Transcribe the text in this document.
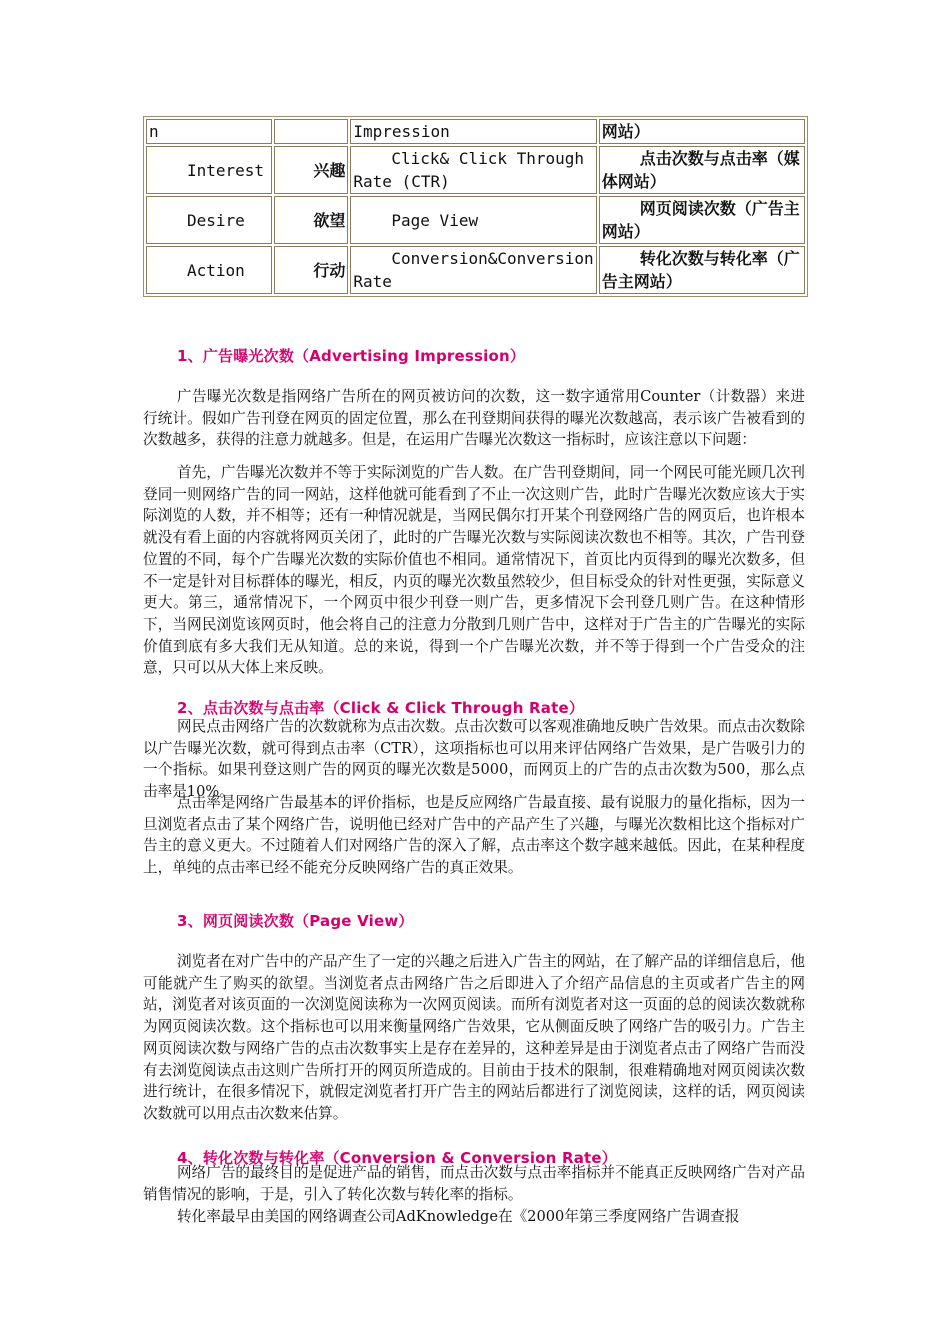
n		Impression	网站）
Interest	兴趣	Click& Click Through Rate (CTR)	点击次数与点击率（媒体网站）
Desire	欲望	Page View	网页阅读次数（广告主网站）
Action	行动	Conversion&Conversion Rate	转化次数与转化率（广告主网站）
1、广告曝光次数（Advertising Impression）

广告曝光次数是指网络广告所在的网页被访问的次数，这一数字通常用Counter（计数器）来进行统计。假如广告刊登在网页的固定位置，那么在刊登期间获得的曝光次数越高，表示该广告被看到的次数越多，获得的注意力就越多。但是，在运用广告曝光次数这一指标时，应该注意以下问题：

首先，广告曝光次数并不等于实际浏览的广告人数。在广告刊登期间，同一个网民可能光顾几次刊登同一则网络广告的同一网站，这样他就可能看到了不止一次这则广告，此时广告曝光次数应该大于实际浏览的人数，并不相等；还有一种情况就是，当网民偶尔打开某个刊登网络广告的网页后，也许根本就没有看上面的内容就将网页关闭了，此时的广告曝光次数与实际阅读次数也不相等。其次，广告刊登位置的不同，每个广告曝光次数的实际价值也不相同。通常情况下，首页比内页得到的曝光次数多，但不一定是针对目标群体的曝光，相反，内页的曝光次数虽然较少，但目标受众的针对性更强，实际意义更大。第三，通常情况下，一个网页中很少刊登一则广告，更多情况下会刊登几则广告。在这种情形下，当网民浏览该网页时，他会将自己的注意力分散到几则广告中，这样对于广告主的广告曝光的实际价值到底有多大我们无从知道。总的来说，得到一个广告曝光次数，并不等于得到一个广告受众的注意，只可以从大体上来反映。

2、点击次数与点击率（Click & Click Through Rate）

网民点击网络广告的次数就称为点击次数。点击次数可以客观准确地反映广告效果。而点击次数除以广告曝光次数，就可得到点击率（CTR），这项指标也可以用来评估网络广告效果，是广告吸引力的一个指标。如果刊登这则广告的网页的曝光次数是5000，而网页上的广告的点击次数为500，那么点击率是10%。

点击率是网络广告最基本的评价指标，也是反应网络广告最直接、最有说服力的量化指标，因为一旦浏览者点击了某个网络广告，说明他已经对广告中的产品产生了兴趣，与曝光次数相比这个指标对广告主的意义更大。不过随着人们对网络广告的深入了解，点击率这个数字越来越低。因此，在某种程度上，单纯的点击率已经不能充分反映网络广告的真正效果。

3、网页阅读次数（Page View）

浏览者在对广告中的产品产生了一定的兴趣之后进入广告主的网站，在了解产品的详细信息后，他可能就产生了购买的欲望。当浏览者点击网络广告之后即进入了介绍产品信息的主页或者广告主的网站，浏览者对该页面的一次浏览阅读称为一次网页阅读。而所有浏览者对这一页面的总的阅读次数就称为网页阅读次数。这个指标也可以用来衡量网络广告效果，它从侧面反映了网络广告的吸引力。广告主网页阅读次数与网络广告的点击次数事实上是存在差异的，这种差异是由于浏览者点击了网络广告而没有去浏览阅读点击这则广告所打开的网页所造成的。目前由于技术的限制，很难精确地对网页阅读次数进行统计，在很多情况下，就假定浏览者打开广告主的网站后都进行了浏览阅读，这样的话，网页阅读次数就可以用点击次数来估算。

4、转化次数与转化率（Conversion & Conversion Rate）

网络广告的最终目的是促进产品的销售，而点击次数与点击率指标并不能真正反映网络广告对产品销售情况的影响，于是，引入了转化次数与转化率的指标。

转化率最早由美国的网络调查公司AdKnowledge在《2000年第三季度网络广告调查报
